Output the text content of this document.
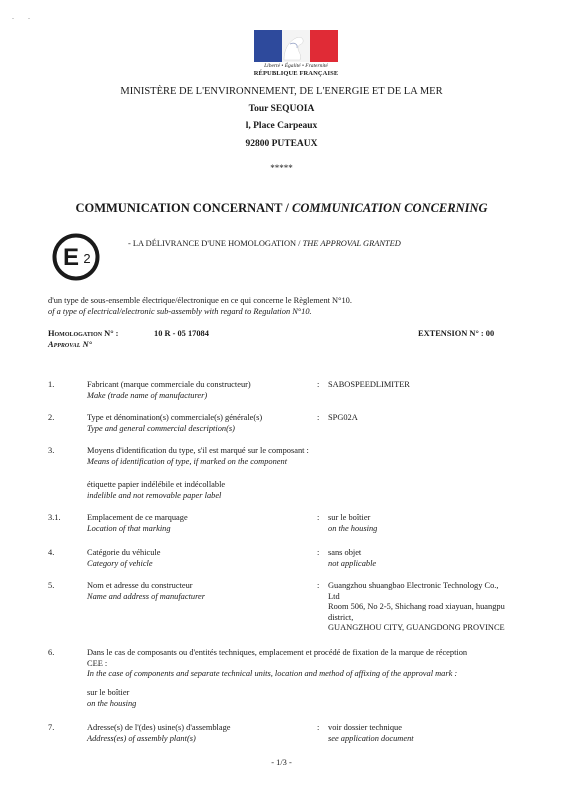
. .
Liberté • Égalité • Fraternité
RÉPUBLIQUE FRANÇAISE
MINISTÈRE DE L'ENVIRONNEMENT, DE L'ENERGIE ET DE LA MER
Tour SEQUOIA
l, Place Carpeaux
92800 PUTEAUX
*****
COMMUNICATION CONCERNANT / COMMUNICATION CONCERNING
E 2
- LA DÉLIVRANCE D'UNE HOMOLOGATION / THE APPROVAL GRANTED
d'un type de sous-ensemble électrique/électronique en ce qui concerne le Règlement N°10.
of a type of electrical/electronic sub-assembly with regard to Regulation N°10.
Homologation N° :
Approval N°
10 R - 05 17084	EXTENSION N° : 00
1.	Fabricant (marque commerciale du constructeur)
Make (trade name of manufacturer)
: SABOSPEEDLIMITER
2.	Type et dénomination(s) commerciale(s) générale(s)
Type and general commercial description(s)
: SPG02A
3.	Moyens d'identification du type, s'il est marqué sur le composant :
Means of identification of type, if marked on the component
étiquette papier indélébile et indécollable
indelible and not removable paper label
3.1.	Emplacement de ce marquage
Location of that marking
: sur le boîtier
on the housing
4.	Catégorie du véhicule
Category of vehicle
: sans objet
not applicable
5.	Nom et adresse du constructeur
Name and address of manufacturer
: Guangzhou shuangbao Electronic Technology Co.,
Ltd
Room 506, No 2-5, Shichang road xiayuan, huangpu
district,
GUANGZHOU CITY, GUANGDONG PROVINCE
6.	Dans le cas de composants ou d'entités techniques, emplacement et procédé de fixation de la marque de réception
CEE :
In the case of components and separate technical units, location and method of affixing of the approval mark :
sur le boîtier
on the housing
7.	Adresse(s) de l'(des) usine(s) d'assemblage
Address(es) of assembly plant(s)
: voir dossier technique
see application document
- 1/3 -
